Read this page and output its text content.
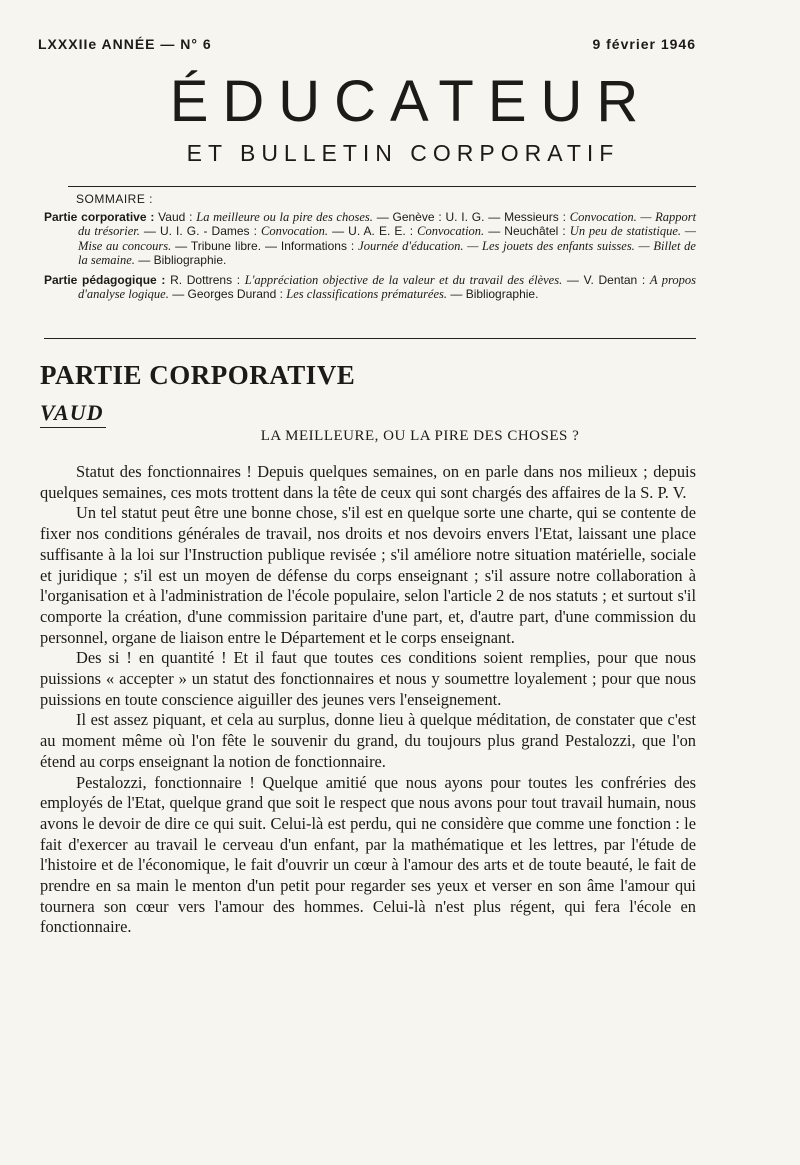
LXXXIIe ANNÉE — N° 6	9 février 1946
ÉDUCATEUR
ET BULLETIN CORPORATIF
SOMMAIRE :
Partie corporative : Vaud : La meilleure ou la pire des choses. — Genève : U. I. G. — Messieurs : Convocation. — Rapport du trésorier. — U. I. G. - Dames : Convocation. — U. A. E. E. : Convocation. — Neuchâtel : Un peu de statistique. — Mise au concours. — Tribune libre. — Informations : Journée d'éducation. — Les jouets des enfants suisses. — Billet de la semaine. — Bibliographie.
Partie pédagogique : R. Dottrens : L'appréciation objective de la valeur et du travail des élèves. — V. Dentan : A propos d'analyse logique. — Georges Durand : Les classifications prématurées. — Bibliographie.
PARTIE CORPORATIVE
VAUD
LA MEILLEURE, OU LA PIRE DES CHOSES ?

Statut des fonctionnaires ! Depuis quelques semaines, on en parle dans nos milieux ; depuis quelques semaines, ces mots trottent dans la tête de ceux qui sont chargés des affaires de la S. P. V.

Un tel statut peut être une bonne chose, s'il est en quelque sorte une charte, qui se contente de fixer nos conditions générales de travail, nos droits et nos devoirs envers l'Etat, laissant une place suffisante à la loi sur l'Instruction publique revisée ; s'il améliore notre situation matérielle, sociale et juridique ; s'il est un moyen de défense du corps enseignant ; s'il assure notre collaboration à l'organisation et à l'administration de l'école populaire, selon l'article 2 de nos statuts ; et surtout s'il comporte la création, d'une commission paritaire d'une part, et, d'autre part, d'une commission du personnel, organe de liaison entre le Département et le corps enseignant.

Des si ! en quantité ! Et il faut que toutes ces conditions soient remplies, pour que nous puissions « accepter » un statut des fonctionnaires et nous y soumettre loyalement ; pour que nous puissions en toute conscience aiguiller des jeunes vers l'enseignement.

Il est assez piquant, et cela au surplus, donne lieu à quelque méditation, de constater que c'est au moment même où l'on fête le souvenir du grand, du toujours plus grand Pestalozzi, que l'on étend au corps enseignant la notion de fonctionnaire.

Pestalozzi, fonctionnaire ! Quelque amitié que nous ayons pour toutes les confréries des employés de l'Etat, quelque grand que soit le respect que nous avons pour tout travail humain, nous avons le devoir de dire ce qui suit. Celui-là est perdu, qui ne considère que comme une fonction : le fait d'exercer au travail le cerveau d'un enfant, par la mathématique et les lettres, par l'étude de l'histoire et de l'économique, le fait d'ouvrir un cœur à l'amour des arts et de toute beauté, le fait de prendre en sa main le menton d'un petit pour regarder ses yeux et verser en son âme l'amour qui tournera son cœur vers l'amour des hommes. Celui-là n'est plus régent, qui fera l'école en fonctionnaire.
